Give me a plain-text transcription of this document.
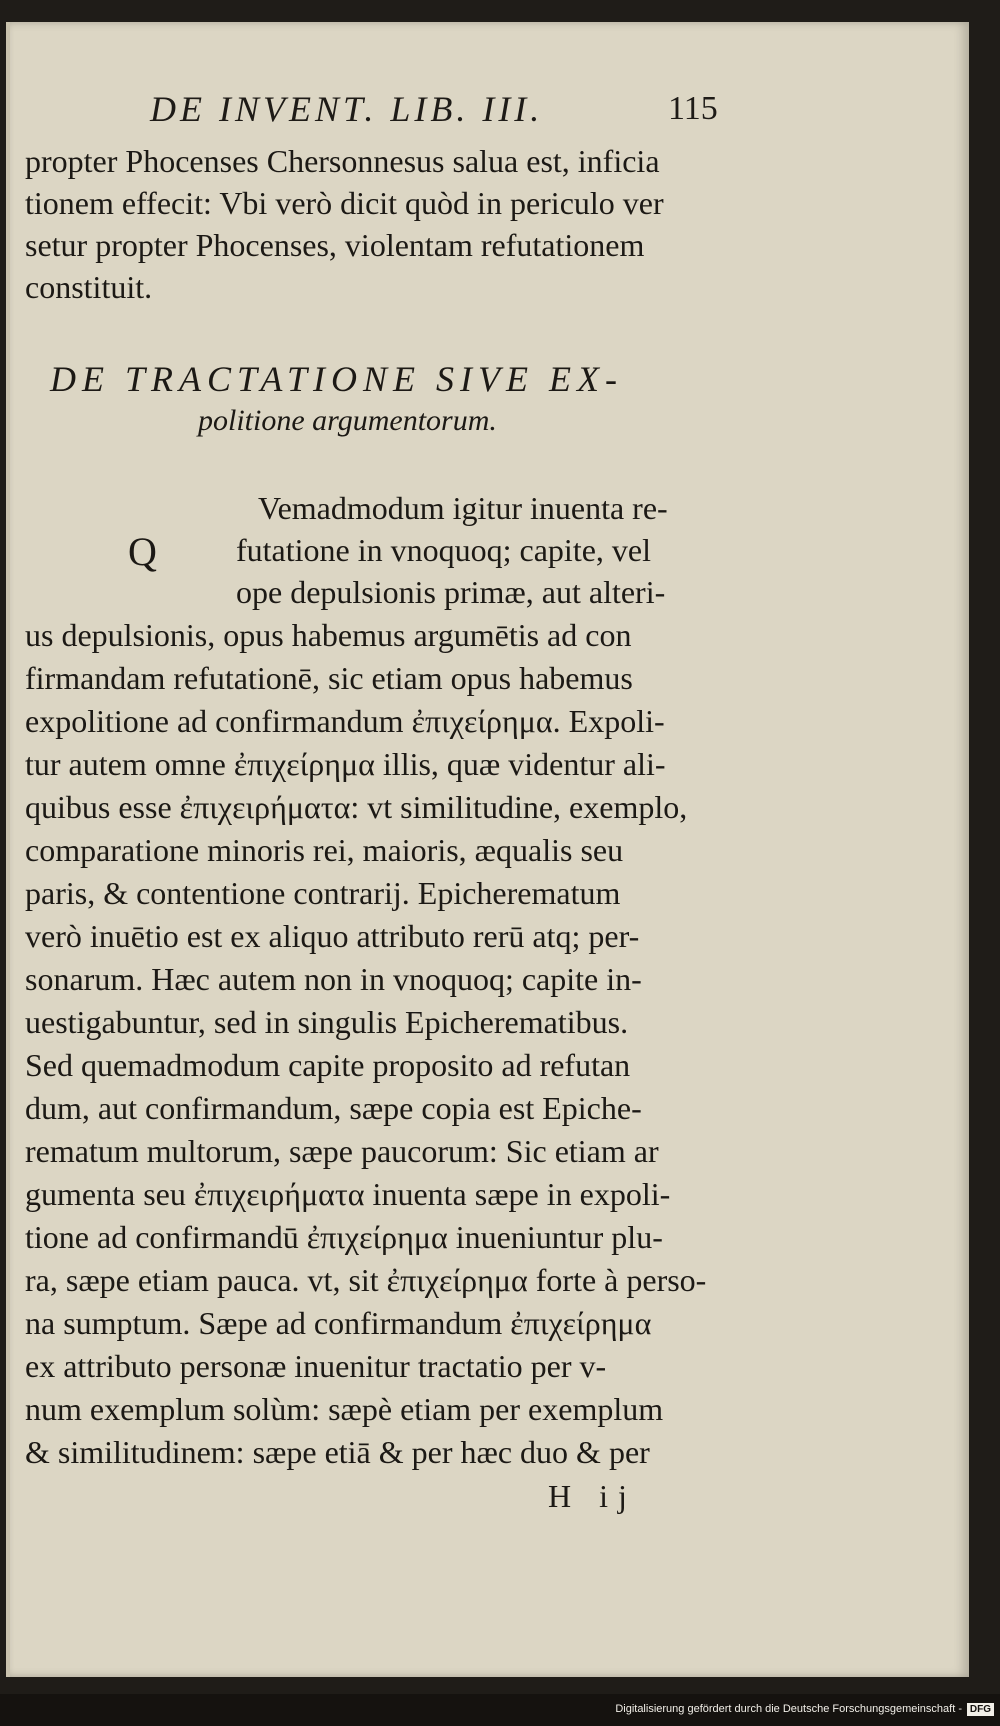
DE INVENT. LIB. III.	115
propter Phocenses Chersonnesus salua est, inficia
tionem effecit: Vbi verò dicit quòd in periculo ver
setur propter Phocenses, violentam refutationem
constituit.
DE TRACTATIONE SIVE EX-
politione argumentorum.
Q
Vemadmodum igitur inuenta re-
futatione in vnoquoq; capite, vel
ope depulsionis primæ, aut alteri-
us depulsionis, opus habemus argumētis ad con
firmandam refutationē, sic etiam opus habemus
expolitione ad confirmandum ἐπιχείρημα. Expoli-
tur autem omne ἐπιχείρημα illis, quæ videntur ali-
quibus esse ἐπιχειρήματα: vt similitudine, exemplo,
comparatione minoris rei, maioris, æqualis seu
paris, & contentione contrarij. Epicherematum
verò inuētio est ex aliquo attributo rerū atq; per-
sonarum. Hæc autem non in vnoquoq; capite in-
uestigabuntur, sed in singulis Epicherematibus.
Sed quemadmodum capite proposito ad refutan
dum, aut confirmandum, sæpe copia est Epiche-
rematum multorum, sæpe paucorum: Sic etiam ar
gumenta seu ἐπιχειρήματα inuenta sæpe in expoli-
tione ad confirmandū ἐπιχείρημα inueniuntur plu-
ra, sæpe etiam pauca. vt, sit ἐπιχείρημα forte à perso-
na sumptum. Sæpe ad confirmandum ἐπιχείρημα
ex attributo personæ inuenitur tractatio per v-
num exemplum solùm: sæpè etiam per exemplum
& similitudinem: sæpe etiā & per hæc duo & per
H ij
Digitalisierung gefördert durch die Deutsche Forschungsgemeinschaft - DFG
